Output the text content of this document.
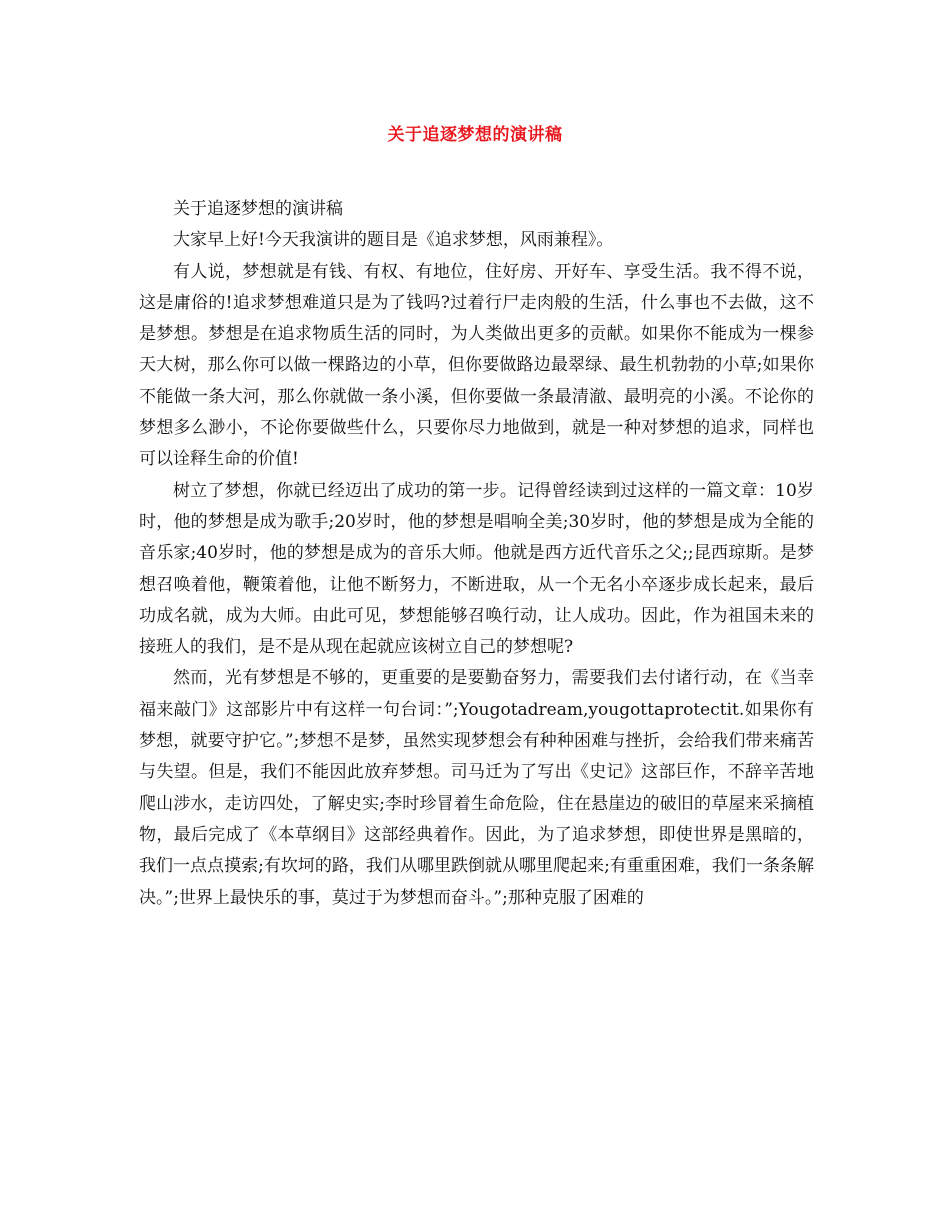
关于追逐梦想的演讲稿

关于追逐梦想的演讲稿

大家早上好!今天我演讲的题目是《追求梦想，风雨兼程》。

有人说，梦想就是有钱、有权、有地位，住好房、开好车、享受生活。我不得不说，这是庸俗的!追求梦想难道只是为了钱吗?过着行尸走肉般的生活，什么事也不去做，这不是梦想。梦想是在追求物质生活的同时，为人类做出更多的贡献。如果你不能成为一棵参天大树，那么你可以做一棵路边的小草，但你要做路边最翠绿、最生机勃勃的小草;如果你不能做一条大河，那么你就做一条小溪，但你要做一条最清澈、最明亮的小溪。不论你的梦想多么渺小，不论你要做些什么，只要你尽力地做到，就是一种对梦想的追求，同样也可以诠释生命的价值!

树立了梦想，你就已经迈出了成功的第一步。记得曾经读到过这样的一篇文章：10岁时，他的梦想是成为歌手;20岁时，他的梦想是唱响全美;30岁时，他的梦想是成为全能的音乐家;40岁时，他的梦想是成为的音乐大师。他就是西方近代音乐之父;;昆西琼斯。是梦想召唤着他，鞭策着他，让他不断努力，不断进取，从一个无名小卒逐步成长起来，最后功成名就，成为大师。由此可见，梦想能够召唤行动，让人成功。因此，作为祖国未来的接班人的我们，是不是从现在起就应该树立自己的梦想呢?

然而，光有梦想是不够的，更重要的是要勤奋努力，需要我们去付诸行动，在《当幸福来敲门》这部影片中有这样一句台词：”;Yougotadream,yougottaprotectit.如果你有梦想，就要守护它。”;梦想不是梦，虽然实现梦想会有种种困难与挫折，会给我们带来痛苦与失望。但是，我们不能因此放弃梦想。司马迁为了写出《史记》这部巨作，不辞辛苦地爬山涉水，走访四处，了解史实;李时珍冒着生命危险，住在悬崖边的破旧的草屋来采摘植物，最后完成了《本草纲目》这部经典着作。因此，为了追求梦想，即使世界是黑暗的，我们一点点摸索;有坎坷的路，我们从哪里跌倒就从哪里爬起来;有重重困难，我们一条条解决。”;世界上最快乐的事，莫过于为梦想而奋斗。”;那种克服了困难的
